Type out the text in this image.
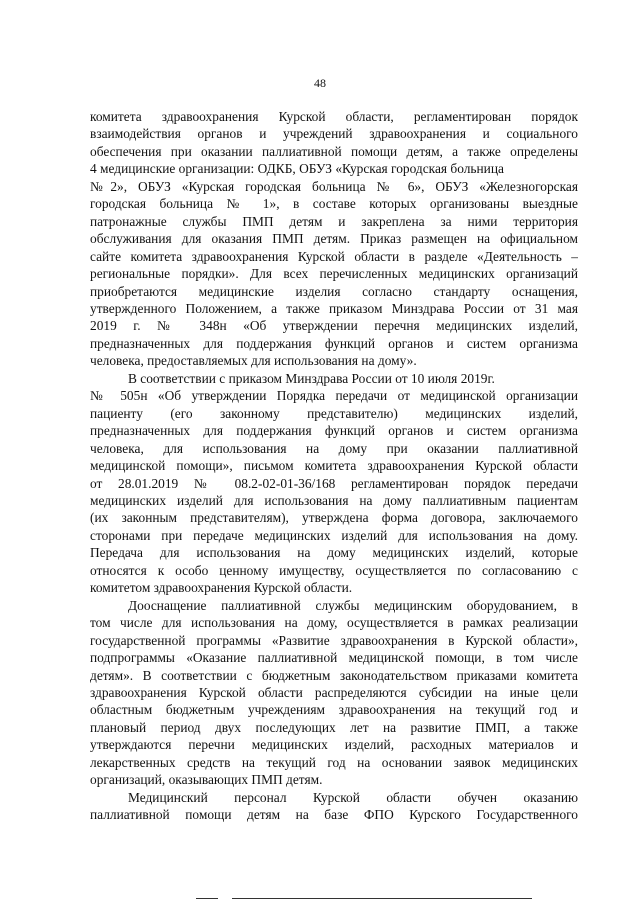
48
комитета здравоохранения Курской области, регламентирован порядок
взаимодействия органов и учреждений здравоохранения и социального
обеспечения при оказании паллиативной помощи детям, а также определены
4 медицинские организации: ОДКБ, ОБУЗ «Курская городская больница
№2», ОБУЗ «Курская городская больница № 6», ОБУЗ «Железногорская
городская больница № 1», в составе которых организованы выездные
патронажные службы ПМП детям и закреплена за ними территория
обслуживания для оказания ПМП детям. Приказ размещен на официальном
сайте комитета здравоохранения Курской области в разделе «Деятельность –
региональные порядки». Для всех перечисленных медицинских организаций
приобретаются медицинские изделия согласно стандарту оснащения,
утвержденного Положением, а также приказом Минздрава России от 31 мая
2019 г. № 348н «Об утверждении перечня медицинских изделий,
предназначенных для поддержания функций органов и систем организма
человека, предоставляемых для использования на дому».
В соответствии с приказом Минздрава России от 10 июля 2019г.
№ 505н «Об утверждении Порядка передачи от медицинской организации
пациенту (его законному представителю) медицинских изделий,
предназначенных для поддержания функций органов и систем организма
человека, для использования на дому при оказании паллиативной
медицинской помощи», письмом комитета здравоохранения Курской области
от 28.01.2019 № 08.2-02-01-36/168 регламентирован порядок передачи
медицинских изделий для использования на дому паллиативным пациентам
(их законным представителям), утверждена форма договора, заключаемого
сторонами при передаче медицинских изделий для использования на дому.
Передача для использования на дому медицинских изделий, которые
относятся к особо ценному имуществу, осуществляется по согласованию с
комитетом здравоохранения Курской области.
Дооснащение паллиативной службы медицинским оборудованием, в
том числе для использования на дому, осуществляется в рамках реализации
государственной программы «Развитие здравоохранения в Курской области»,
подпрограммы «Оказание паллиативной медицинской помощи, в том числе
детям». В соответствии с бюджетным законодательством приказами комитета
здравоохранения Курской области распределяются субсидии на иные цели
областным бюджетным учреждениям здравоохранения на текущий год и
плановый период двух последующих лет на развитие ПМП, а также
утверждаются перечни медицинских изделий, расходных материалов и
лекарственных средств на текущий год на основании заявок медицинских
организаций, оказывающих ПМП детям.
Медицинский персонал Курской области обучен оказанию
паллиативной помощи детям на базе ФПО Курского Государственного
